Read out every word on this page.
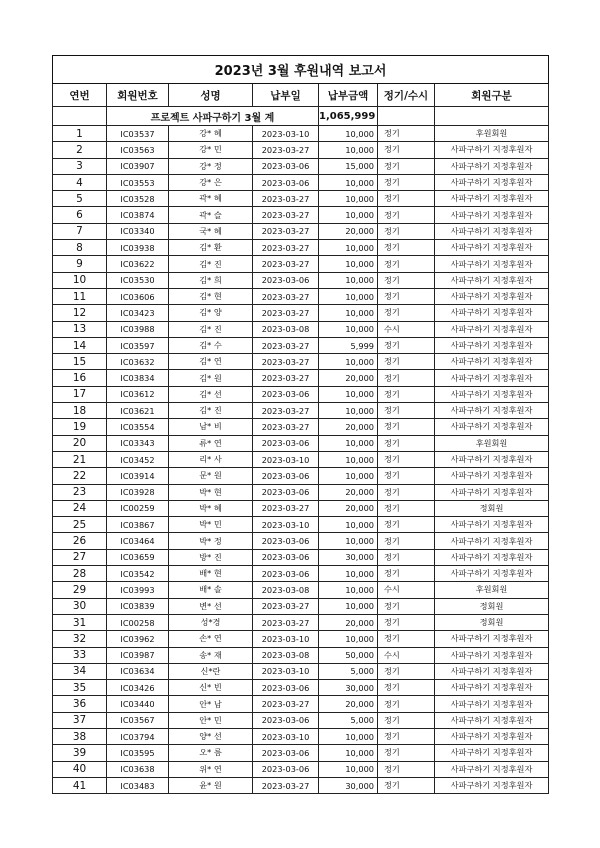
2023년 3월 후원내역 보고서						
연번	회원번호	성명	납부일	납부금액	정기/수시	회원구분
	프로젝트 사파구하기 3월 계			1,065,999		
1	IC03537	강* 혜	2023-03-10	10,000	정기	후원회원
2	IC03563	강* 민	2023-03-27	10,000	정기	사파구하기 지정후원자
3	IC03907	강* 정	2023-03-06	15,000	정기	사파구하기 지정후원자
4	IC03553	강* 은	2023-03-06	10,000	정기	사파구하기 지정후원자
5	IC03528	곽* 혜	2023-03-27	10,000	정기	사파구하기 지정후원자
6	IC03874	곽* 슬	2023-03-27	10,000	정기	사파구하기 지정후원자
7	IC03340	국* 혜	2023-03-27	20,000	정기	사파구하기 지정후원자
8	IC03938	김* 환	2023-03-27	10,000	정기	사파구하기 지정후원자
9	IC03622	김* 진	2023-03-27	10,000	정기	사파구하기 지정후원자
10	IC03530	김* 희	2023-03-06	10,000	정기	사파구하기 지정후원자
11	IC03606	김* 현	2023-03-27	10,000	정기	사파구하기 지정후원자
12	IC03423	김* 양	2023-03-27	10,000	정기	사파구하기 지정후원자
13	IC03988	김* 진	2023-03-08	10,000	수시	사파구하기 지정후원자
14	IC03597	김* 수	2023-03-27	5,999	정기	사파구하기 지정후원자
15	IC03632	김* 연	2023-03-27	10,000	정기	사파구하기 지정후원자
16	IC03834	김* 원	2023-03-27	20,000	정기	사파구하기 지정후원자
17	IC03612	김* 선	2023-03-06	10,000	정기	사파구하기 지정후원자
18	IC03621	김* 진	2023-03-27	10,000	정기	사파구하기 지정후원자
19	IC03554	남* 비	2023-03-27	20,000	정기	사파구하기 지정후원자
20	IC03343	류* 연	2023-03-06	10,000	정기	후원회원
21	IC03452	리* 사	2023-03-10	10,000	정기	사파구하기 지정후원자
22	IC03914	문* 원	2023-03-06	10,000	정기	사파구하기 지정후원자
23	IC03928	박* 현	2023-03-06	20,000	정기	사파구하기 지정후원자
24	IC00259	박* 혜	2023-03-27	20,000	정기	정회원
25	IC03867	박* 민	2023-03-10	10,000	정기	사파구하기 지정후원자
26	IC03464	박* 정	2023-03-06	10,000	정기	사파구하기 지정후원자
27	IC03659	방* 진	2023-03-06	30,000	정기	사파구하기 지정후원자
28	IC03542	배* 현	2023-03-06	10,000	정기	사파구하기 지정후원자
29	IC03993	배* 솔	2023-03-08	10,000	수시	후원회원
30	IC03839	변* 선	2023-03-27	10,000	정기	정회원
31	IC00258	성*경	2023-03-27	20,000	정기	정회원
32	IC03962	손* 연	2023-03-10	10,000	정기	사파구하기 지정후원자
33	IC03987	송* 재	2023-03-08	50,000	수시	사파구하기 지정후원자
34	IC03634	신*란	2023-03-10	5,000	정기	사파구하기 지정후원자
35	IC03426	신* 빈	2023-03-06	30,000	정기	사파구하기 지정후원자
36	IC03440	안* 남	2023-03-27	20,000	정기	사파구하기 지정후원자
37	IC03567	안* 민	2023-03-06	5,000	정기	사파구하기 지정후원자
38	IC03794	양* 선	2023-03-10	10,000	정기	사파구하기 지정후원자
39	IC03595	오* 름	2023-03-06	10,000	정기	사파구하기 지정후원자
40	IC03638	위* 연	2023-03-06	10,000	정기	사파구하기 지정후원자
41	IC03483	윤* 원	2023-03-27	30,000	정기	사파구하기 지정후원자
